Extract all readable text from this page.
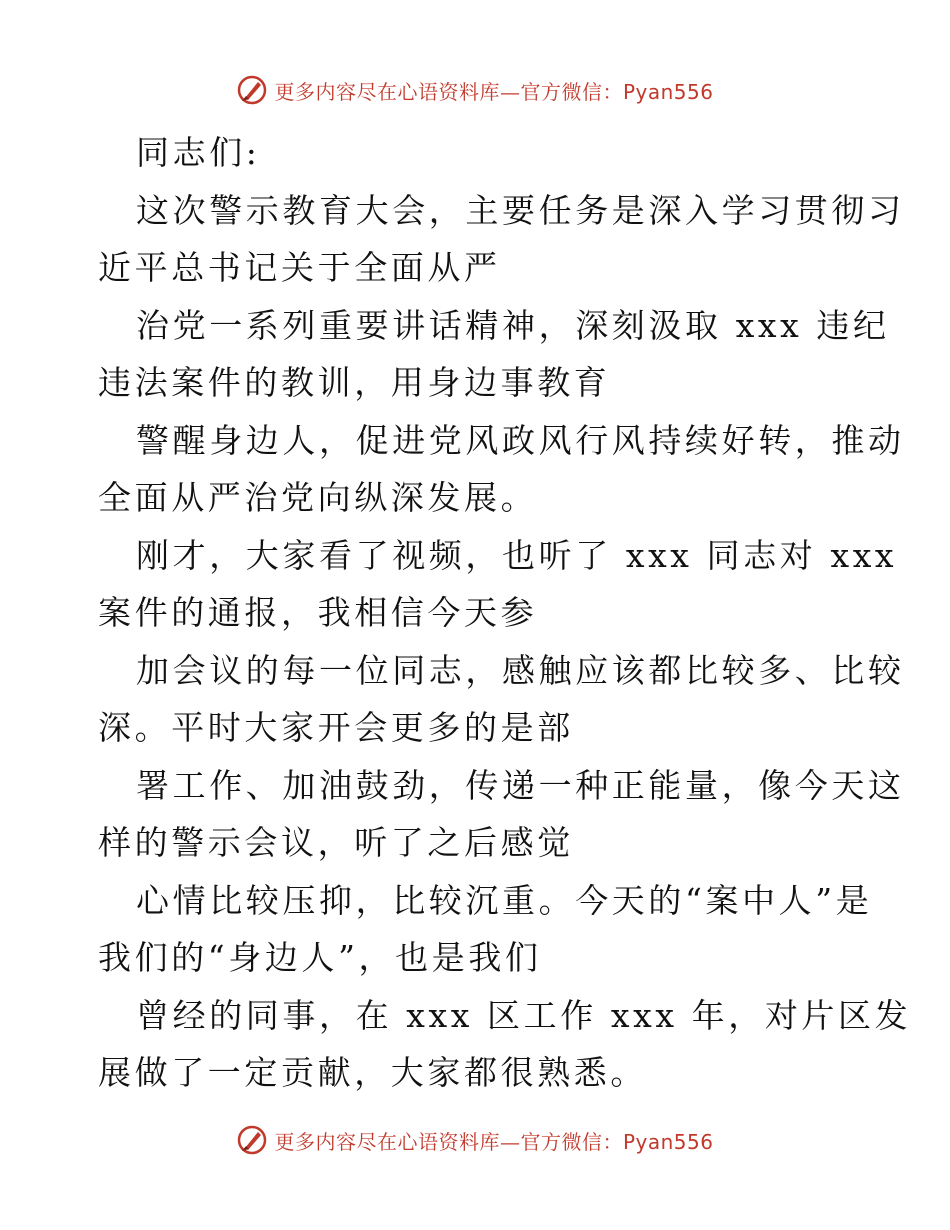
更多内容尽在心语资料库—官方微信：Pyan556
同志们:
这次警示教育大会，主要任务是深入学习贯彻习
近平总书记关于全面从严
治党一系列重要讲话精神，深刻汲取 xxx 违纪
违法案件的教训，用身边事教育
警醒身边人，促进党风政风行风持续好转，推动
全面从严治党向纵深发展。
刚才，大家看了视频，也听了 xxx 同志对 xxx
案件的通报，我相信今天参
加会议的每一位同志，感触应该都比较多、比较
深。平时大家开会更多的是部
署工作、加油鼓劲，传递一种正能量，像今天这
样的警示会议，听了之后感觉
心情比较压抑，比较沉重。今天的“案中人”是
我们的“身边人”，也是我们
曾经的同事，在 xxx 区工作 xxx 年，对片区发
展做了一定贡献，大家都很熟悉。
更多内容尽在心语资料库—官方微信：Pyan556
